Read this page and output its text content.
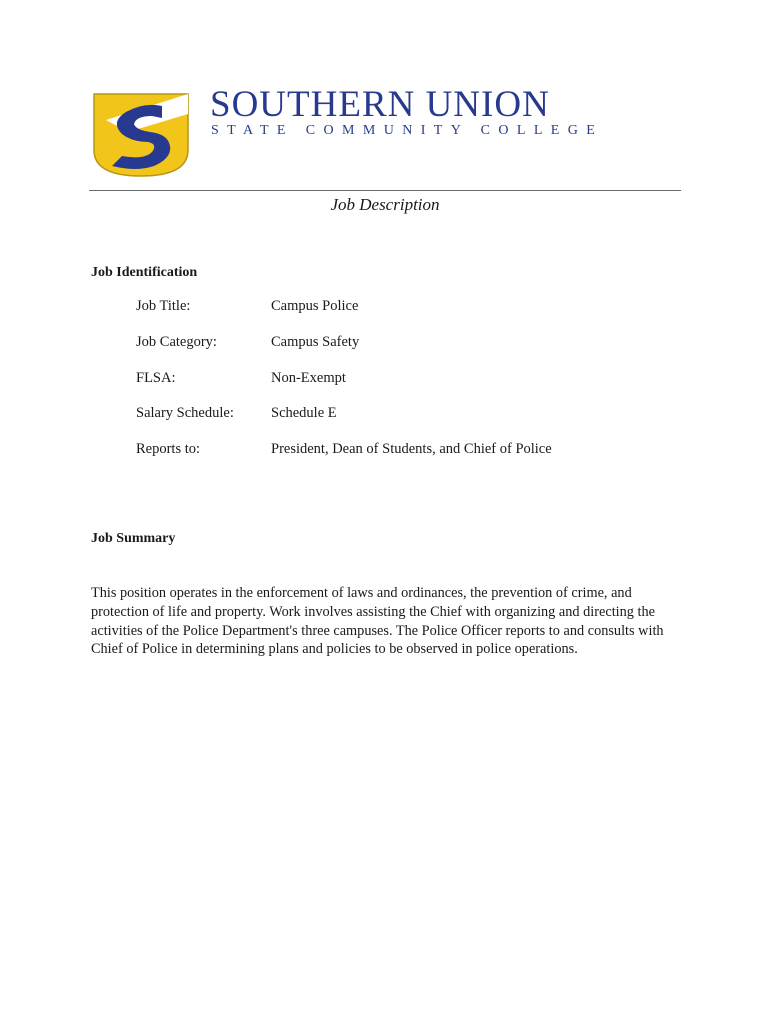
SOUTHERN UNION
STATE COMMUNITY COLLEGE
Job Description
Job Identification
Job Title:	Campus Police
Job Category:	Campus Safety
FLSA:	Non-Exempt
Salary Schedule:	Schedule E
Reports to:	President, Dean of Students, and Chief of Police
Job Summary
This position operates in the enforcement of laws and ordinances, the prevention of crime, and protection of life and property. Work involves assisting the Chief with organizing and directing the activities of the Police Department's three campuses. The Police Officer reports to and consults with Chief of Police in determining plans and policies to be observed in police operations.
